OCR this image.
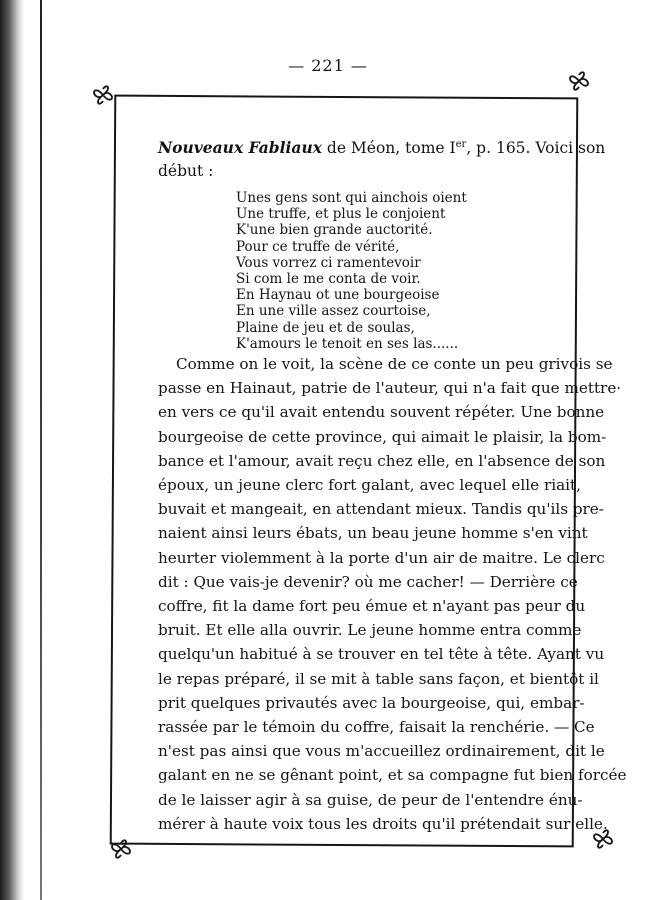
— 221 —
Nouveaux Fabliaux de Méon, tome Ier, p. 165. Voici son
début :
Unes gens sont qui ainchois oient
Une truffe, et plus le conjoient
K'une bien grande auctorité.
Pour ce truffe de vérité,
Vous vorrez ci ramentevoir
Si com le me conta de voir.
En Haynau ot une bourgeoise
En une ville assez courtoise,
Plaine de jeu et de soulas,
K'amours le tenoit en ses las......
Comme on le voit, la scène de ce conte un peu grivois se
passe en Hainaut, patrie de l'auteur, qui n'a fait que mettre·
en vers ce qu'il avait entendu souvent répéter. Une bonne
bourgeoise de cette province, qui aimait le plaisir, la bom-
bance et l'amour, avait reçu chez elle, en l'absence de son
époux, un jeune clerc fort galant, avec lequel elle riait,
buvait et mangeait, en attendant mieux. Tandis qu'ils pre-
naient ainsi leurs ébats, un beau jeune homme s'en vint
heurter violemment à la porte d'un air de maitre. Le clerc
dit : Que vais-je devenir? où me cacher! — Derrière ce
coffre, fit la dame fort peu émue et n'ayant pas peur du
bruit. Et elle alla ouvrir. Le jeune homme entra comme
quelqu'un habitué à se trouver en tel tête à tête. Ayant vu
le repas préparé, il se mit à table sans façon, et bientôt il
prit quelques privautés avec la bourgeoise, qui, embar-
rassée par le témoin du coffre, faisait la renchérie. — Ce
n'est pas ainsi que vous m'accueillez ordinairement, dit le
galant en ne se gênant point, et sa compagne fut bien forcée
de le laisser agir à sa guise, de peur de l'entendre énu-
mérer à haute voix tous les droits qu'il prétendait sur elle.
